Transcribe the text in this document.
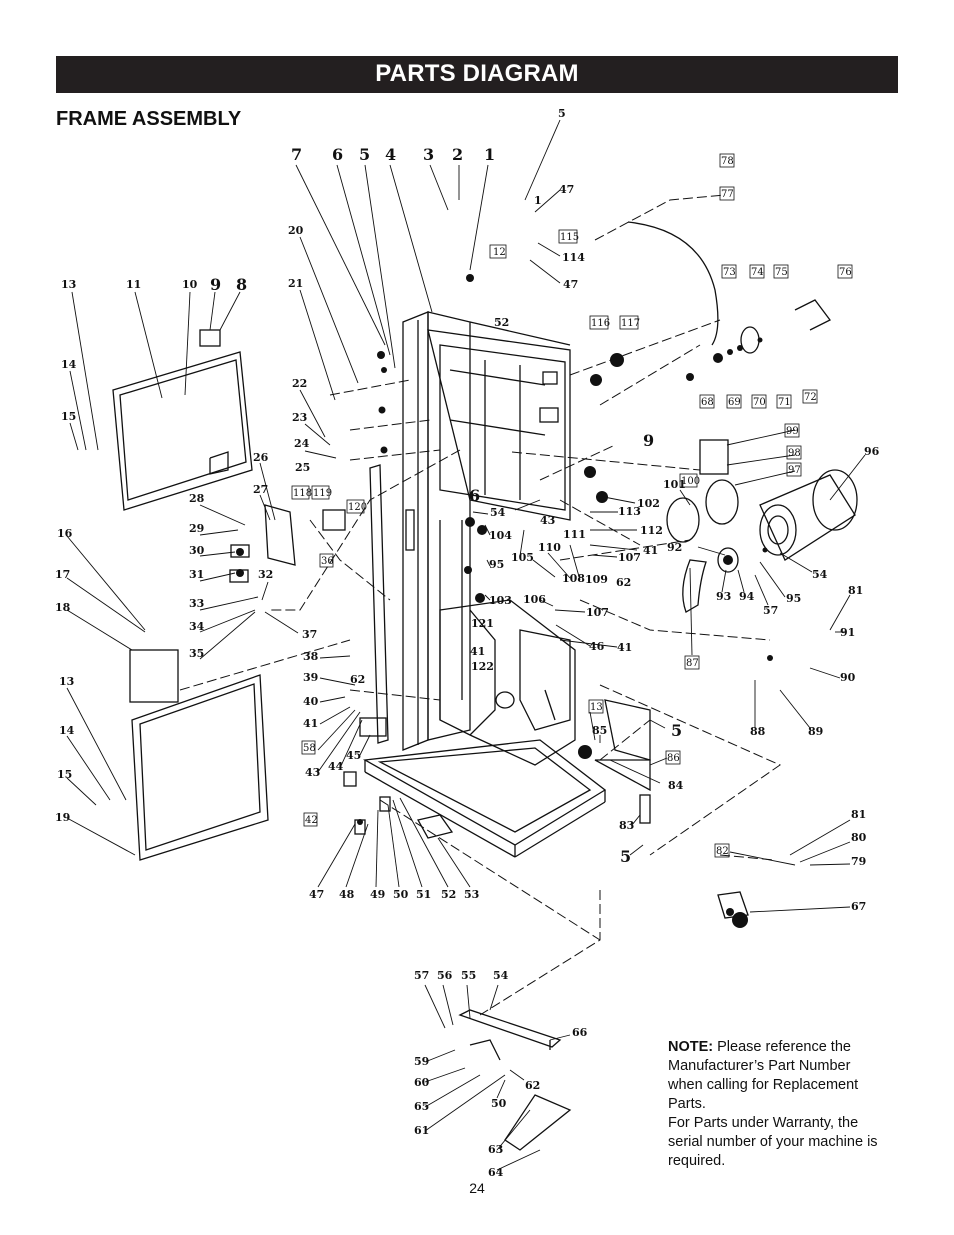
PARTS DIAGRAM
FRAME ASSEMBLY
7 6 5 4 3 2 1
5
1
47
12
115
114
47
52
78
77
73 74 75	76
116 117
68 69 70 71 72
20
21
22
23
24
25
13	11	10 9 8
14
15
26
27
28
29
30
31	32
33
34
35
118 119
120
36
37
38
39
40
41
58
43 44
45
42
62
16
17
18
13
14
15
19
47 48 49 50 51 52 53
9	99
98
97
96
100
101
102
6
54
104
43
113
112
41
107
111
110
109
108	62
105
95
92
93 94
57
95
54
106
103
107
121
41
122
46
41
87
81
91
90
88	89
13
85	5
86
84
83
5
81
80
82
79
67
57 56 55 54
66
59
60	62
65	50
61
63
64
NOTE: Please reference the Manufacturer’s Part Number when calling for Replacement Parts.
For Parts under Warranty, the serial number of your machine is required.
24
